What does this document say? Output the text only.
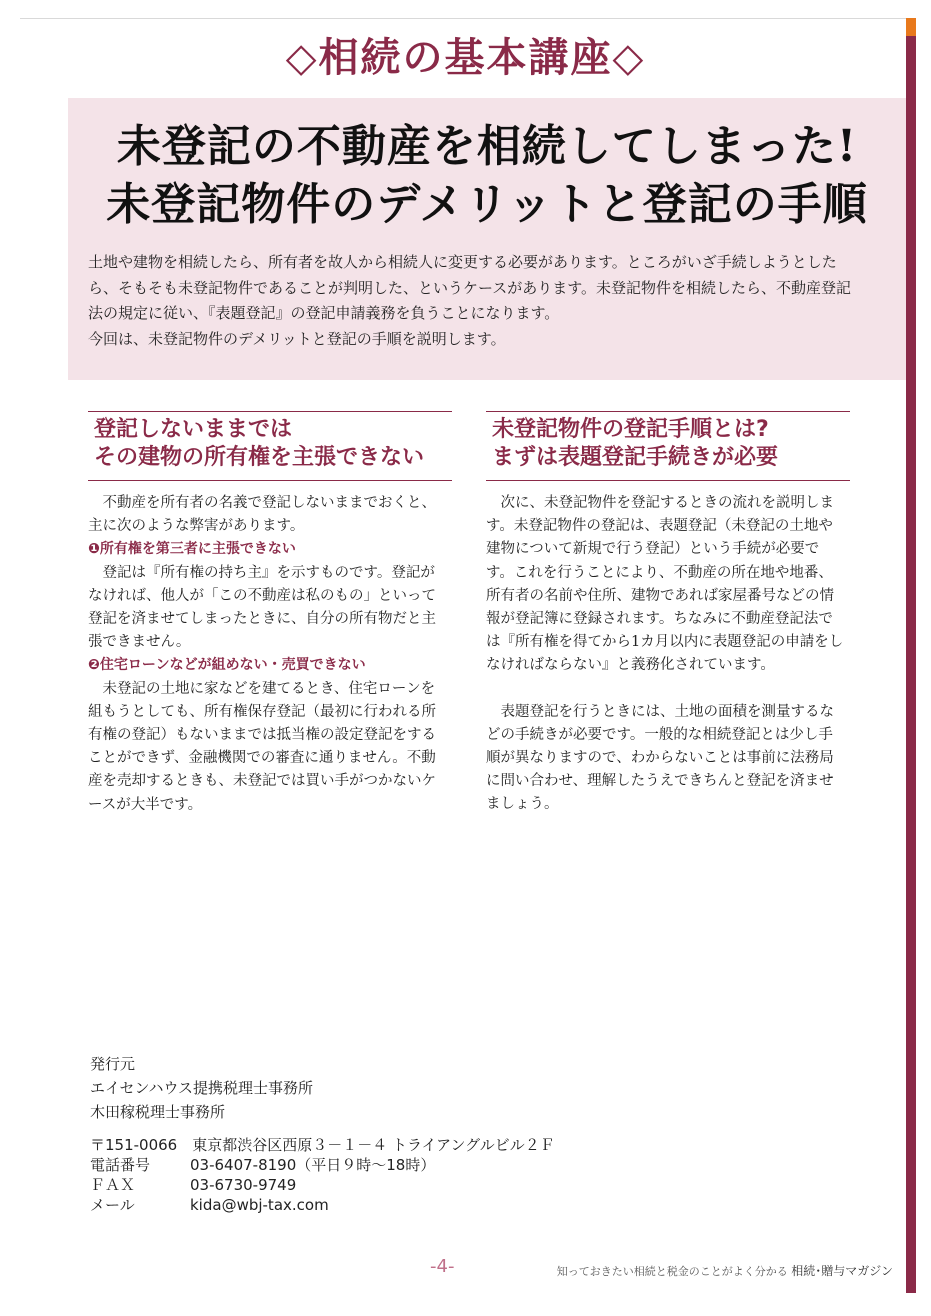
◇相続の基本講座◇
未登記の不動産を相続してしまった!
未登記物件のデメリットと登記の手順

土地や建物を相続したら、所有者を故人から相続人に変更する必要があります。ところがいざ手続しようとしたら、そもそも未登記物件であることが判明した、というケースがあります。未登記物件を相続したら、不動産登記法の規定に従い、『表題登記』の登記申請義務を負うことになります。

今回は、未登記物件のデメリットと登記の手順を説明します。

登記しないままでは
その建物の所有権を主張できない
未登記物件の登記手順とは?
まずは表題登記手続きが必要

不動産を所有者の名義で登記しないままでおくと、主に次のような弊害があります。

❶所有権を第三者に主張できない

登記は『所有権の持ち主』を示すものです。登記がなければ、他人が「この不動産は私のもの」といって登記を済ませてしまったときに、自分の所有物だと主張できません。

❷住宅ローンなどが組めない・売買できない

未登記の土地に家などを建てるとき、住宅ローンを組もうとしても、所有権保存登記（最初に行われる所有権の登記）もないままでは抵当権の設定登記をすることができず、金融機関での審査に通りません。不動産を売却するときも、未登記では買い手がつかないケースが大半です。

次に、未登記物件を登記するときの流れを説明します。未登記物件の登記は、表題登記（未登記の土地や建物について新規で行う登記）という手続が必要です。これを行うことにより、不動産の所在地や地番、所有者の名前や住所、建物であれば家屋番号などの情報が登記簿に登録されます。ちなみに不動産登記法では『所有権を得てから1カ月以内に表題登記の申請をしなければならない』と義務化されています。

表題登記を行うときには、土地の面積を測量するなどの手続きが必要です。一般的な相続登記とは少し手順が異なりますので、わからないことは事前に法務局に問い合わせ、理解したうえできちんと登記を済ませましょう。

発行元
エイセンハウス提携税理士事務所
木田稼税理士事務所
〒151-0066　東京都渋谷区西原３－１－４ トライアングルビル２Ｆ
電話番号	03-6407-8190（平日９時～18時）
ＦＡＸ	03-6730-9749
メール	kida@wbj-tax.com
-4-	知っておきたい相続と税金のことがよく分かる 相続･贈与マガジン
